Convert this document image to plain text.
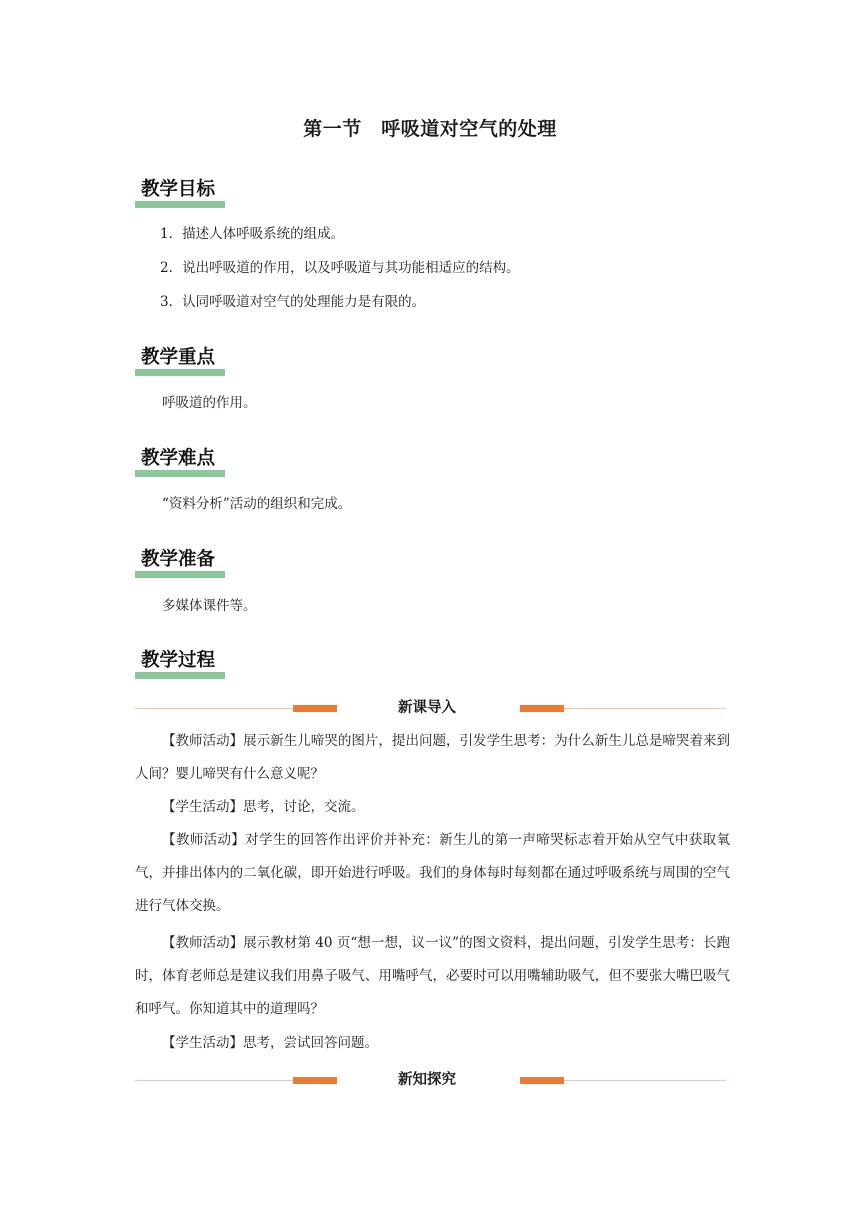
第一节　呼吸道对空气的处理
教学目标
1．描述人体呼吸系统的组成。
2．说出呼吸道的作用，以及呼吸道与其功能相适应的结构。
3．认同呼吸道对空气的处理能力是有限的。
教学重点
呼吸道的作用。
教学难点
“资料分析”活动的组织和完成。
教学准备
多媒体课件等。
教学过程
新课导入
【教师活动】展示新生儿啼哭的图片，提出问题，引发学生思考：为什么新生儿总是啼哭着来到人间？婴儿啼哭有什么意义呢？
【学生活动】思考，讨论，交流。
【教师活动】对学生的回答作出评价并补充：新生儿的第一声啼哭标志着开始从空气中获取氧气，并排出体内的二氧化碳，即开始进行呼吸。我们的身体每时每刻都在通过呼吸系统与周围的空气进行气体交换。
【教师活动】展示教材第 40 页“想一想，议一议”的图文资料，提出问题，引发学生思考：长跑时，体育老师总是建议我们用鼻子吸气、用嘴呼气，必要时可以用嘴辅助吸气，但不要张大嘴巴吸气和呼气。你知道其中的道理吗？
【学生活动】思考，尝试回答问题。
新知探究
